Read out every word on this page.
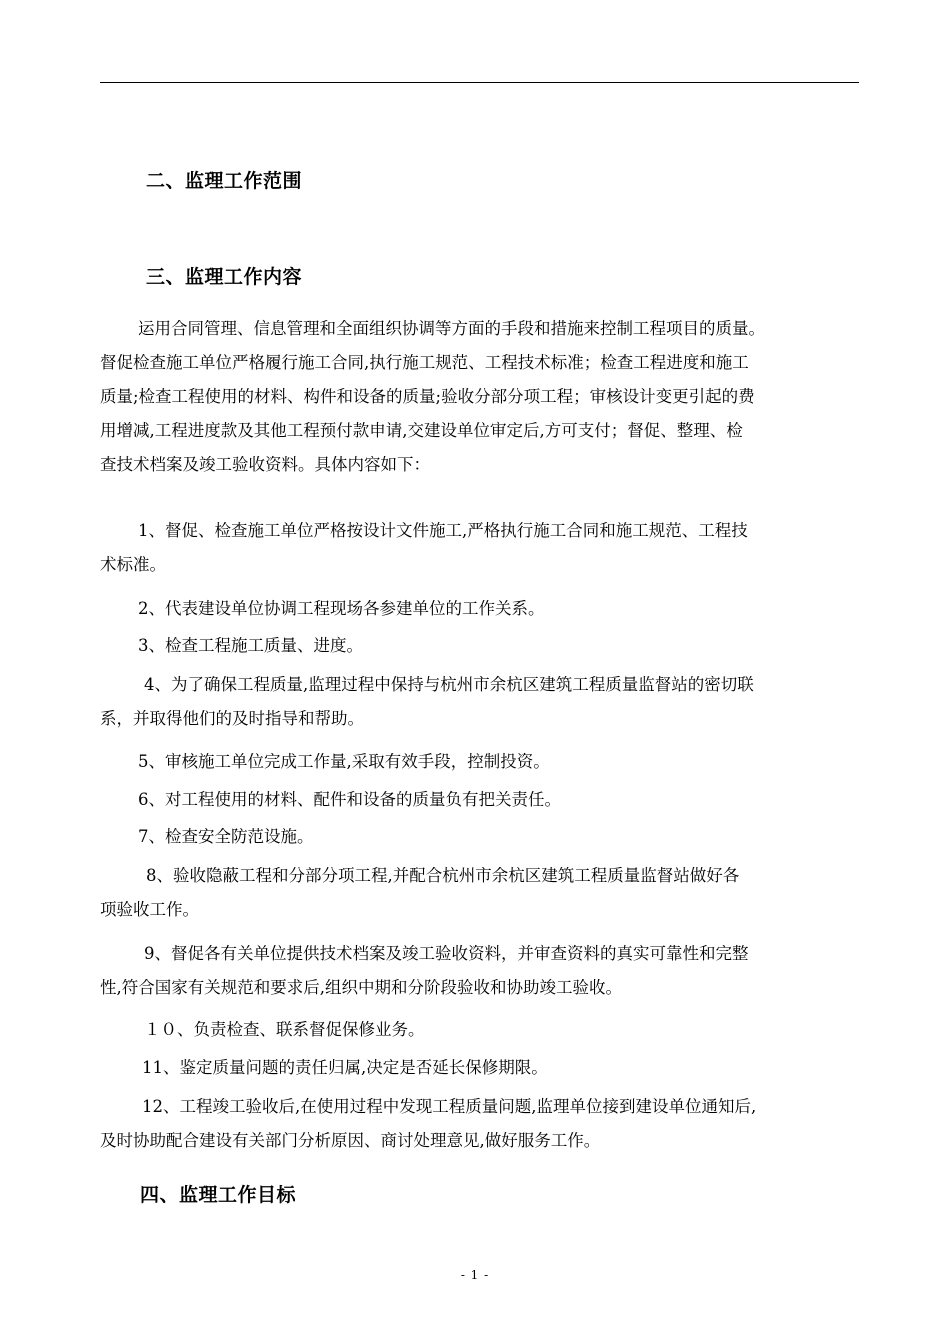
二、监理工作范围
三、监理工作内容
运用合同管理、信息管理和全面组织协调等方面的手段和措施来控制工程项目的质量。
督促检查施工单位严格履行施工合同,执行施工规范、工程技术标准；检查工程进度和施工
质量;检查工程使用的材料、构件和设备的质量;验收分部分项工程；审核设计变更引起的费
用增减,工程进度款及其他工程预付款申请,交建设单位审定后,方可支付；督促、整理、检
查技术档案及竣工验收资料。具体内容如下：
1、督促、检查施工单位严格按设计文件施工,严格执行施工合同和施工规范、工程技
术标准。
2、代表建设单位协调工程现场各参建单位的工作关系。
3、检查工程施工质量、进度。
4、为了确保工程质量,监理过程中保持与杭州市余杭区建筑工程质量监督站的密切联
系，并取得他们的及时指导和帮助。
5、审核施工单位完成工作量,采取有效手段，控制投资。
6、对工程使用的材料、配件和设备的质量负有把关责任。
7、检查安全防范设施。
8、验收隐蔽工程和分部分项工程,并配合杭州市余杭区建筑工程质量监督站做好各
项验收工作。
9、督促各有关单位提供技术档案及竣工验收资料，并审查资料的真实可靠性和完整
性,符合国家有关规范和要求后,组织中期和分阶段验收和协助竣工验收。
１０、负责检查、联系督促保修业务。
11、鉴定质量问题的责任归属,决定是否延长保修期限。
12、工程竣工验收后,在使用过程中发现工程质量问题,监理单位接到建设单位通知后,
及时协助配合建设有关部门分析原因、商讨处理意见,做好服务工作。
四、监理工作目标
- 1 -
